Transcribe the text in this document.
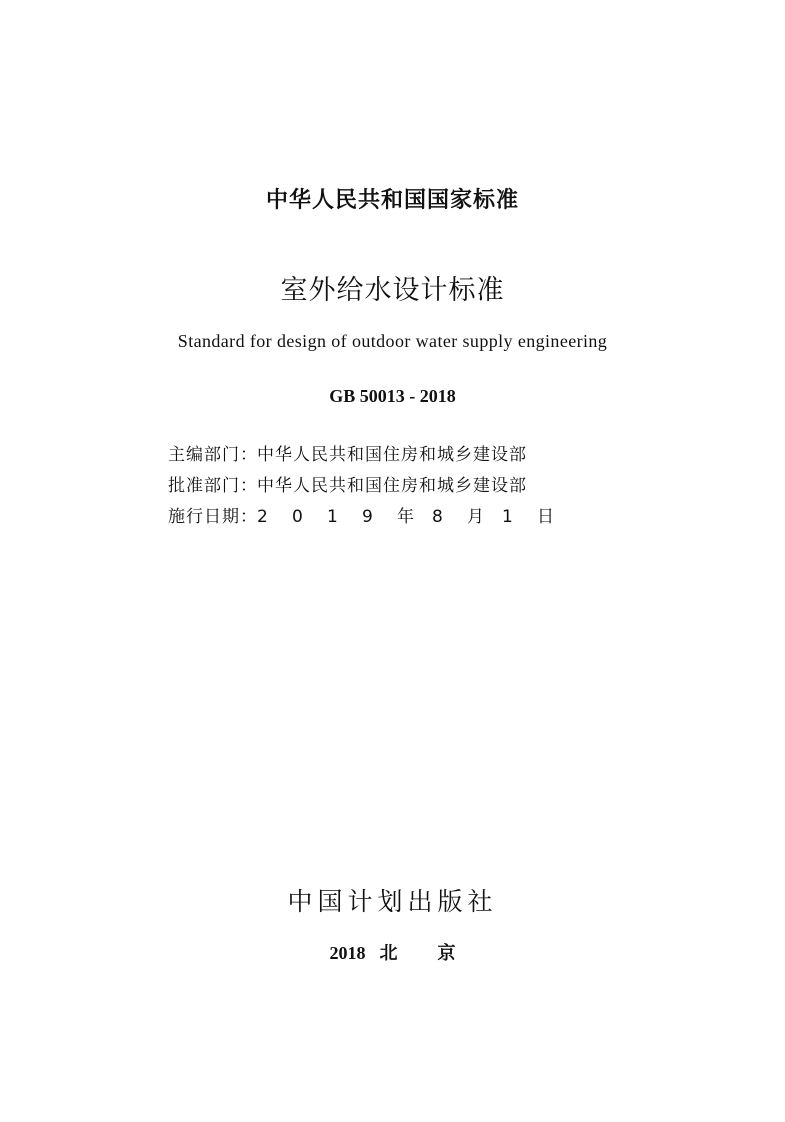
中华人民共和国国家标准
室外给水设计标准
Standard for design of outdoor water supply engineering
GB 50013 - 2018
主编部门 ： 中华人民共和国住房和城乡建设部
批准部门 ： 中华人民共和国住房和城乡建设部
施行日期 ： 2	0	1	9	年	8	月	1	日
中国计划出版社
2018 北 京
